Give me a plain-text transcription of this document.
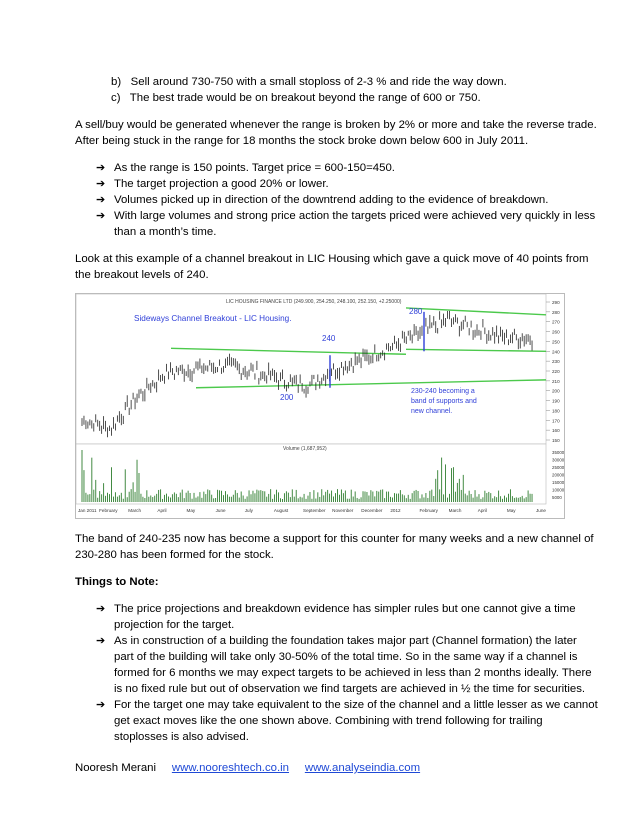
b) Sell around 730-750 with a small stoploss of 2-3 % and ride the way down.
c) The best trade would be on breakout beyond the range of 600 or 750.
A sell/buy would be generated whenever the range is broken by 2% or more and take the reverse trade.
After being stuck in the range for 18 months the stock broke down below 600 in July 2011.
➔ As the range is 150 points. Target price = 600-150=450.
➔ The target projection a good 20% or lower.
➔ Volumes picked up in direction of the downtrend adding to the evidence of breakdown.
➔ With large volumes and strong price action the targets priced were achieved very quickly in less
than a month’s time.
Look at this example of a channel breakout in LIC Housing which gave a quick move of 40 points from
the breakout levels of 240.
LIC HOUSING FINANCE LTD (249.900, 254.250, 248.100, 252.150, +2.25000)
Sideways Channel Breakout - LIC Housing.
Volume (1,687,952)
240
200
280
230-240 becoming a
band of supports and
new channel.
290
280
270
260
250
240
230
220
210
200
190
180
170
160
150
35000
30000
25000
20000
15000
10000
5000
Jan 2011 February March	April	May	June	July	August	September November December 2012	February March	April	May	June
The band of 240-235 now has become a support for this counter for many weeks and a new channel of
230-280 has been formed for the stock.
Things to Note:
➔ The price projections and breakdown evidence has simpler rules but one cannot give a time
projection for the target.
➔ As in construction of a building the foundation takes major part (Channel formation) the later
part of the building will take only 30-50% of the total time. So in the same way if a channel is
formed for 6 months we may expect targets to be achieved in less than 2 months ideally. There
is no fixed rule but out of observation we find targets are achieved in ½ the time for securities.
➔ For the target one may take equivalent to the size of the channel and a little lesser as we cannot
get exact moves like the one shown above. Combining with trend following for trailing
stoplosses is also advised.
Nooresh Merani www.nooreshtech.co.in www.analyseindia.com
